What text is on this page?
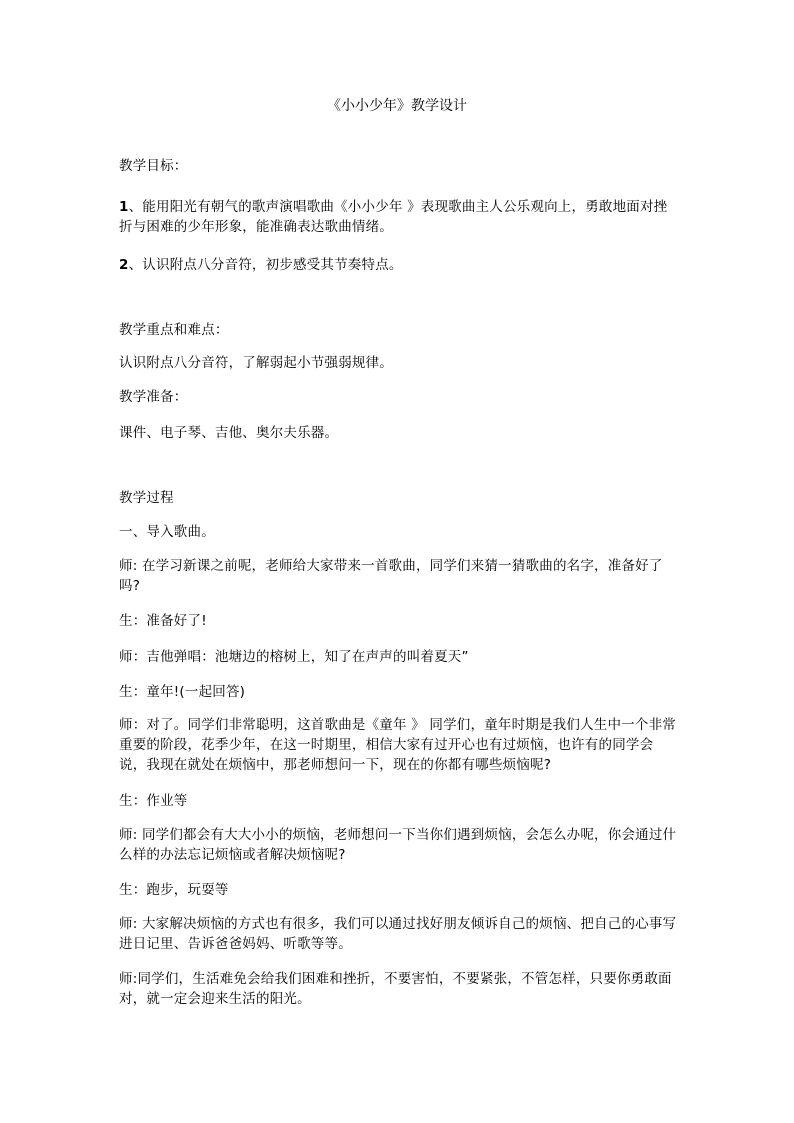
《小小少年》教学设计

教学目标：

1、能用阳光有朝气的歌声演唱歌曲《小小少年 》表现歌曲主人公乐观向上，勇敢地面对挫折与困难的少年形象，能准确表达歌曲情绪。

2、认识附点八分音符，初步感受其节奏特点。

教学重点和难点：

认识附点八分音符，了解弱起小节强弱规律。

教学准备：

课件、电子琴、吉他、奥尔夫乐器。

教学过程

一、导入歌曲。

师: 在学习新课之前呢，老师给大家带来一首歌曲，同学们来猜一猜歌曲的名字，准备好了吗?

生：准备好了!

师：吉他弹唱：池塘边的榕树上，知了在声声的叫着夏天”

生：童年!(一起回答)

师：对了。同学们非常聪明，这首歌曲是《童年 》 同学们，童年时期是我们人生中一个非常重要的阶段，花季少年，在这一时期里，相信大家有过开心也有过烦恼，也许有的同学会说，我现在就处在烦恼中，那老师想问一下，现在的你都有哪些烦恼呢?

生：作业等

师: 同学们都会有大大小小的烦恼，老师想问一下当你们遇到烦恼，会怎么办呢，你会通过什么样的办法忘记烦恼或者解决烦恼呢?

生：跑步，玩耍等

师: 大家解决烦恼的方式也有很多，我们可以通过找好朋友倾诉自己的烦恼、把自己的心事写进日记里、告诉爸爸妈妈、听歌等等。

师:同学们，生活难免会给我们困难和挫折，不要害怕，不要紧张，不管怎样，只要你勇敢面对，就一定会迎来生活的阳光。
